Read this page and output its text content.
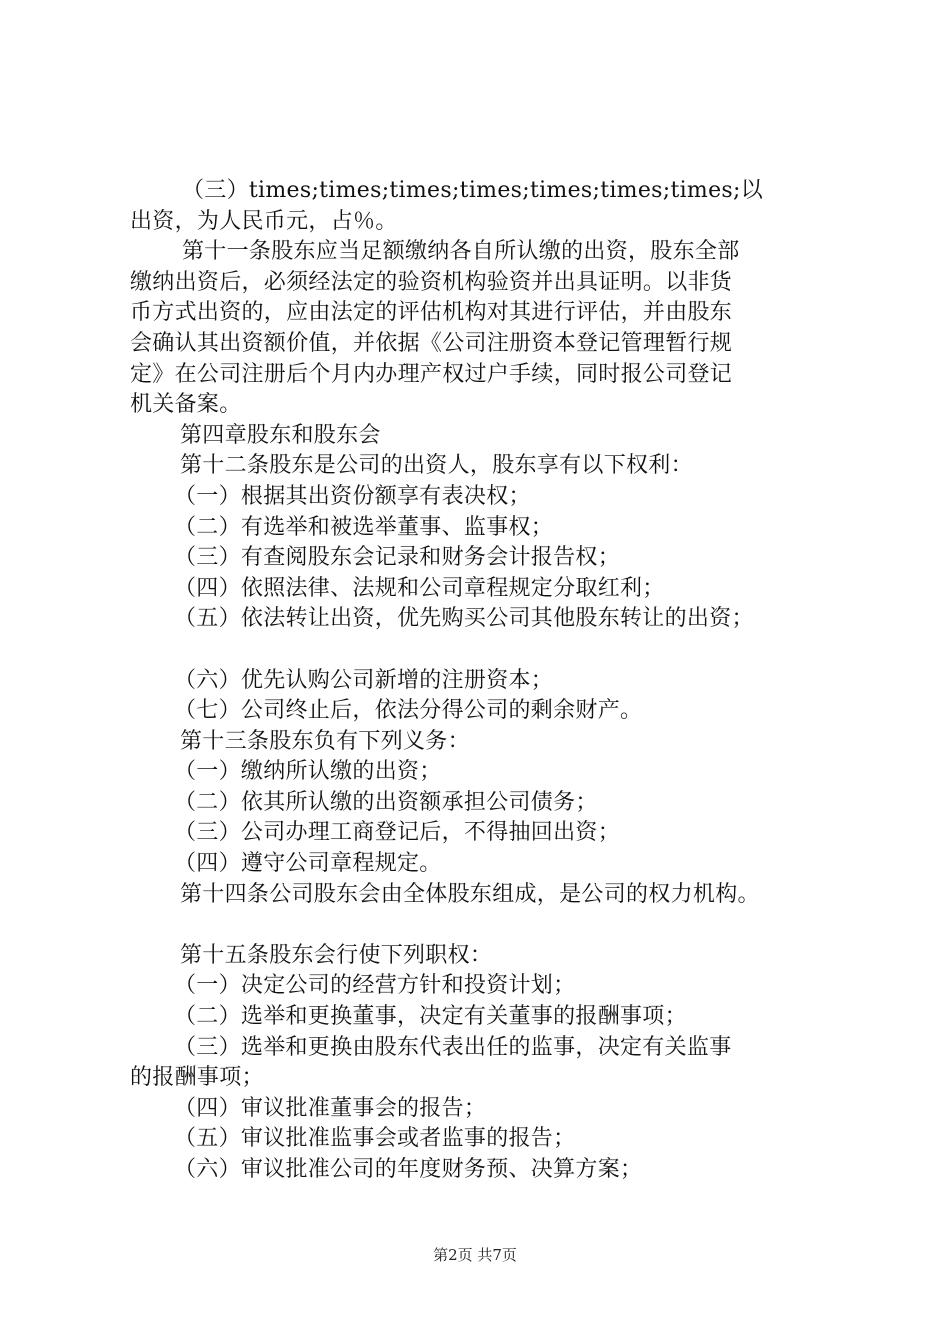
（三）times;times;times;times;times;times;times;以
出资，为人民币元，占％。
第十一条股东应当足额缴纳各自所认缴的出资，股东全部
缴纳出资后，必须经法定的验资机构验资并出具证明。以非货
币方式出资的，应由法定的评估机构对其进行评估，并由股东
会确认其出资额价值，并依据《公司注册资本登记管理暂行规
定》在公司注册后个月内办理产权过户手续，同时报公司登记
机关备案。
第四章股东和股东会
第十二条股东是公司的出资人，股东享有以下权利：
（一）根据其出资份额享有表决权；
（二）有选举和被选举董事、监事权；
（三）有查阅股东会记录和财务会计报告权；
（四）依照法律、法规和公司章程规定分取红利；
（五）依法转让出资，优先购买公司其他股东转让的出资；
（六）优先认购公司新增的注册资本；
（七）公司终止后，依法分得公司的剩余财产。
第十三条股东负有下列义务：
（一）缴纳所认缴的出资；
（二）依其所认缴的出资额承担公司债务；
（三）公司办理工商登记后，不得抽回出资；
（四）遵守公司章程规定。
第十四条公司股东会由全体股东组成，是公司的权力机构。
第十五条股东会行使下列职权：
（一）决定公司的经营方针和投资计划；
（二）选举和更换董事，决定有关董事的报酬事项；
（三）选举和更换由股东代表出任的监事，决定有关监事
的报酬事项；
（四）审议批准董事会的报告；
（五）审议批准监事会或者监事的报告；
（六）审议批准公司的年度财务预、决算方案；
第2页 共7页
